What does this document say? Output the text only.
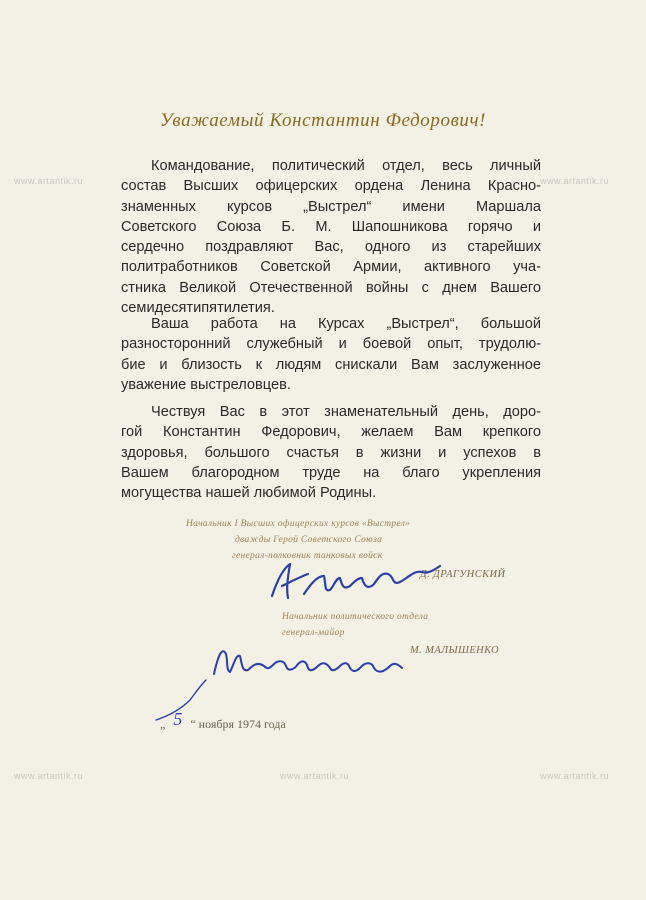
www.artantik.ru	www.artantik.ru
www.artantik.ru	www.artantik.ru	www.artantik.ru
Уважаемый Константин Федорович!
Командование, политический отдел, весь личный
состав Высших офицерских ордена Ленина Красно-
знаменных курсов „Выстрел“ имени Маршала
Советского Союза Б. М. Шапошникова горячо и
сердечно поздравляют Вас, одного из старейших
политработников Советской Армии, активного уча-
стника Великой Отечественной войны с днем Вашего
семидесятипятилетия.
Ваша работа на Курсах „Выстрел“, большой
разносторонний служебный и боевой опыт, трудолю-
бие и близость к людям снискали Вам заслуженное
уважение выстреловцев.
Чествуя Вас в этот знаменательный день, доро-
гой Константин Федорович, желаем Вам крепкого
здоровья, большого счастья в жизни и успехов в
Вашем благородном труде на благо укрепления
могущества нашей любимой Родины.
Начальник I Высших офицерских курсов «Выстрел»
дважды Герой Советского Союза
генерал-полковник танковых войск
Д. ДРАГУНСКИЙ
Начальник политического отдела
генерал-майор
М. МАЛЫШЕНКО
„ 5 “ ноября 1974 года
